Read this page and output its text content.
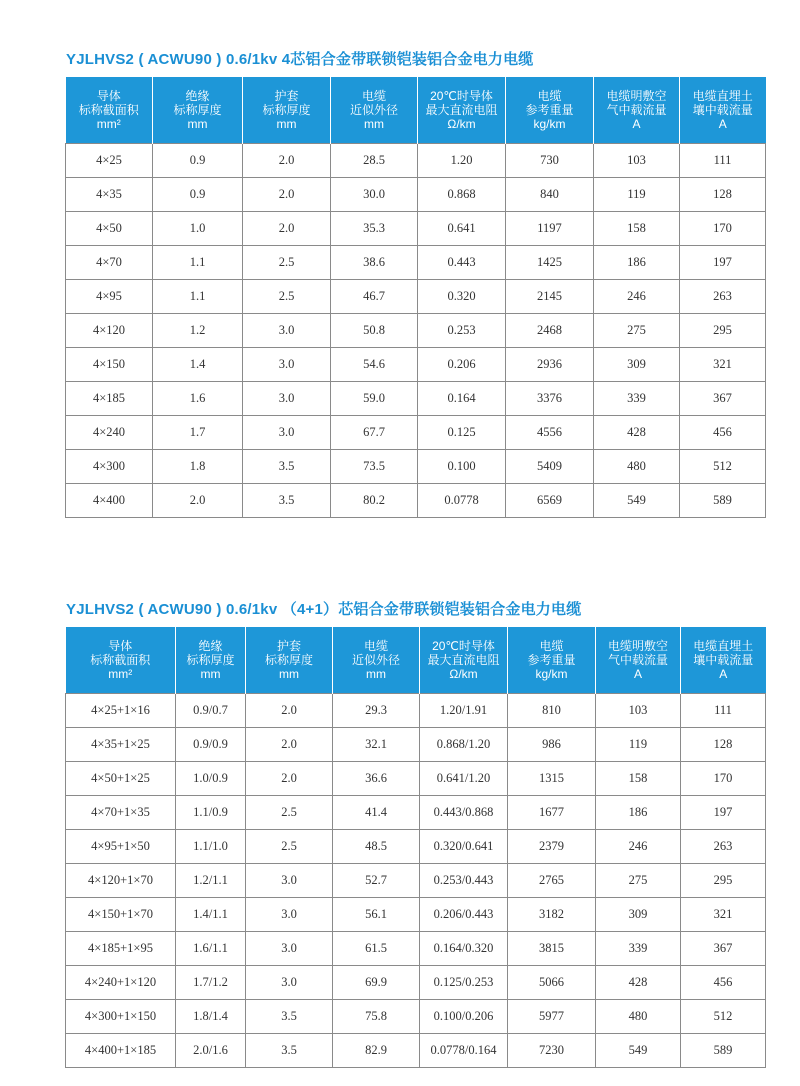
YJLHVS2 ( ACWU90 ) 0.6/1kv 4芯铝合金带联锁铠装铝合金电力电缆
导体
标称截面积
mm²	绝缘
标称厚度
mm	护套
标称厚度
mm	电缆
近似外径
mm	20℃时导体
最大直流电阻
Ω/km	电缆
参考重量
kg/km	电缆明敷空
气中载流量
A	电缆直埋土
壤中载流量
A

4×25	0.9	2.0	28.5	1.20	730	103	111
4×35	0.9	2.0	30.0	0.868	840	119	128
4×50	1.0	2.0	35.3	0.641	1197	158	170
4×70	1.1	2.5	38.6	0.443	1425	186	197
4×95	1.1	2.5	46.7	0.320	2145	246	263
4×120	1.2	3.0	50.8	0.253	2468	275	295
4×150	1.4	3.0	54.6	0.206	2936	309	321
4×185	1.6	3.0	59.0	0.164	3376	339	367
4×240	1.7	3.0	67.7	0.125	4556	428	456
4×300	1.8	3.5	73.5	0.100	5409	480	512
4×400	2.0	3.5	80.2	0.0778	6569	549	589
YJLHVS2 ( ACWU90 ) 0.6/1kv （4+1）芯铝合金带联锁铠装铝合金电力电缆
导体
标称截面积
mm²	绝缘
标称厚度
mm	护套
标称厚度
mm	电缆
近似外径
mm	20℃时导体
最大直流电阻
Ω/km	电缆
参考重量
kg/km	电缆明敷空
气中载流量
A	电缆直埋土
壤中载流量
A

4×25+1×16	0.9/0.7	2.0	29.3	1.20/1.91	810	103	111
4×35+1×25	0.9/0.9	2.0	32.1	0.868/1.20	986	119	128
4×50+1×25	1.0/0.9	2.0	36.6	0.641/1.20	1315	158	170
4×70+1×35	1.1/0.9	2.5	41.4	0.443/0.868	1677	186	197
4×95+1×50	1.1/1.0	2.5	48.5	0.320/0.641	2379	246	263
4×120+1×70	1.2/1.1	3.0	52.7	0.253/0.443	2765	275	295
4×150+1×70	1.4/1.1	3.0	56.1	0.206/0.443	3182	309	321
4×185+1×95	1.6/1.1	3.0	61.5	0.164/0.320	3815	339	367
4×240+1×120	1.7/1.2	3.0	69.9	0.125/0.253	5066	428	456
4×300+1×150	1.8/1.4	3.5	75.8	0.100/0.206	5977	480	512
4×400+1×185	2.0/1.6	3.5	82.9	0.0778/0.164	7230	549	589
